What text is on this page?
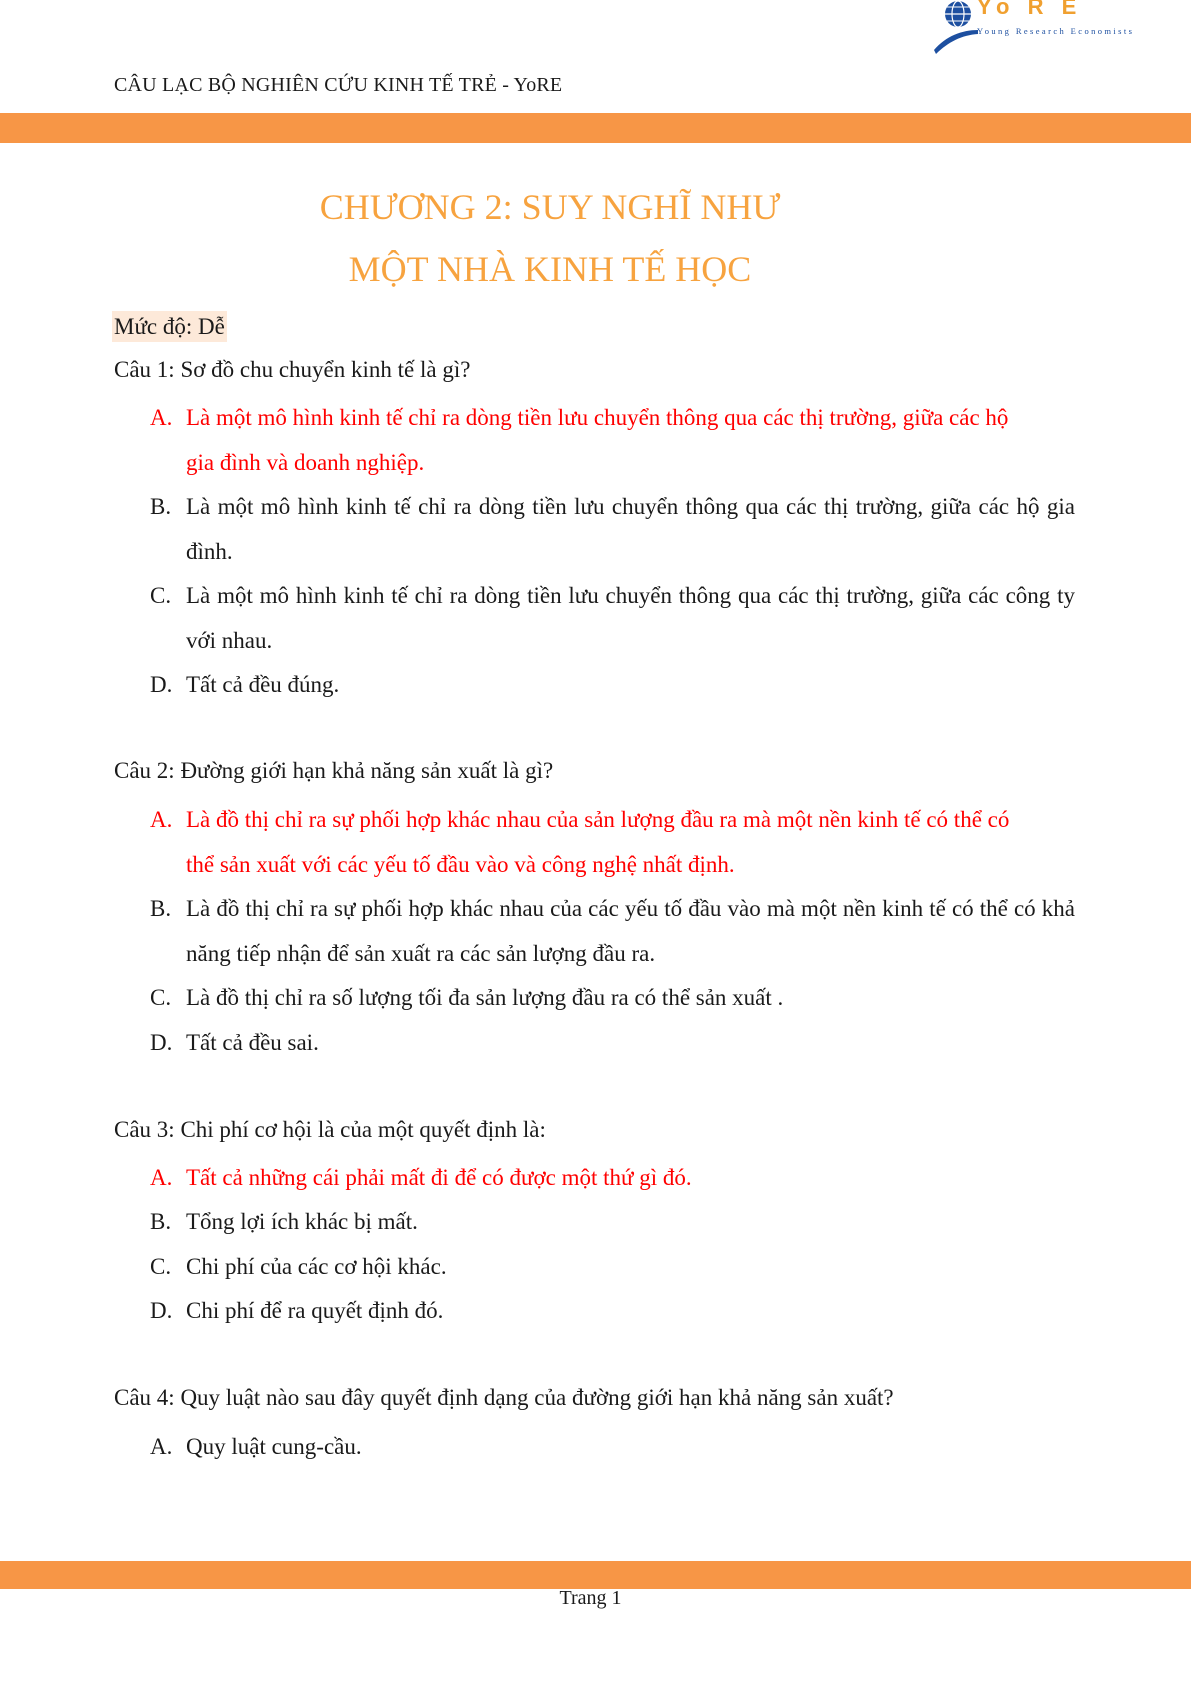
Yo R E
Young Research Economists
CÂU LẠC BỘ NGHIÊN CỨU KINH TẾ TRẺ - YoRE
CHƯƠNG 2: SUY NGHĨ NHƯ
MỘT NHÀ KINH TẾ HỌC
Mức độ: Dễ
Câu 1: Sơ đồ chu chuyển kinh tế là gì?
A. Là một mô hình kinh tế chỉ ra dòng tiền lưu chuyển thông qua các thị trường, giữa các hộ gia đình và doanh nghiệp.
B. Là một mô hình kinh tế chỉ ra dòng tiền lưu chuyển thông qua các thị trường, giữa các hộ gia đình.
C. Là một mô hình kinh tế chỉ ra dòng tiền lưu chuyển thông qua các thị trường, giữa các công ty với nhau.
D. Tất cả đều đúng.
Câu 2: Đường giới hạn khả năng sản xuất là gì?
A. Là đồ thị chỉ ra sự phối hợp khác nhau của sản lượng đầu ra mà một nền kinh tế có thể có thể sản xuất với các yếu tố đầu vào và công nghệ nhất định.
B. Là đồ thị chỉ ra sự phối hợp khác nhau của các yếu tố đầu vào mà một nền kinh tế có thể có khả năng tiếp nhận để sản xuất ra các sản lượng đầu ra.
C. Là đồ thị chỉ ra số lượng tối đa sản lượng đầu ra có thể sản xuất .
D. Tất cả đều sai.
Câu 3: Chi phí cơ hội là của một quyết định là:
A. Tất cả những cái phải mất đi để có được một thứ gì đó.
B. Tổng lợi ích khác bị mất.
C. Chi phí của các cơ hội khác.
D. Chi phí để ra quyết định đó.
Câu 4: Quy luật nào sau đây quyết định dạng của đường giới hạn khả năng sản xuất?
A. Quy luật cung-cầu.
Trang 1
